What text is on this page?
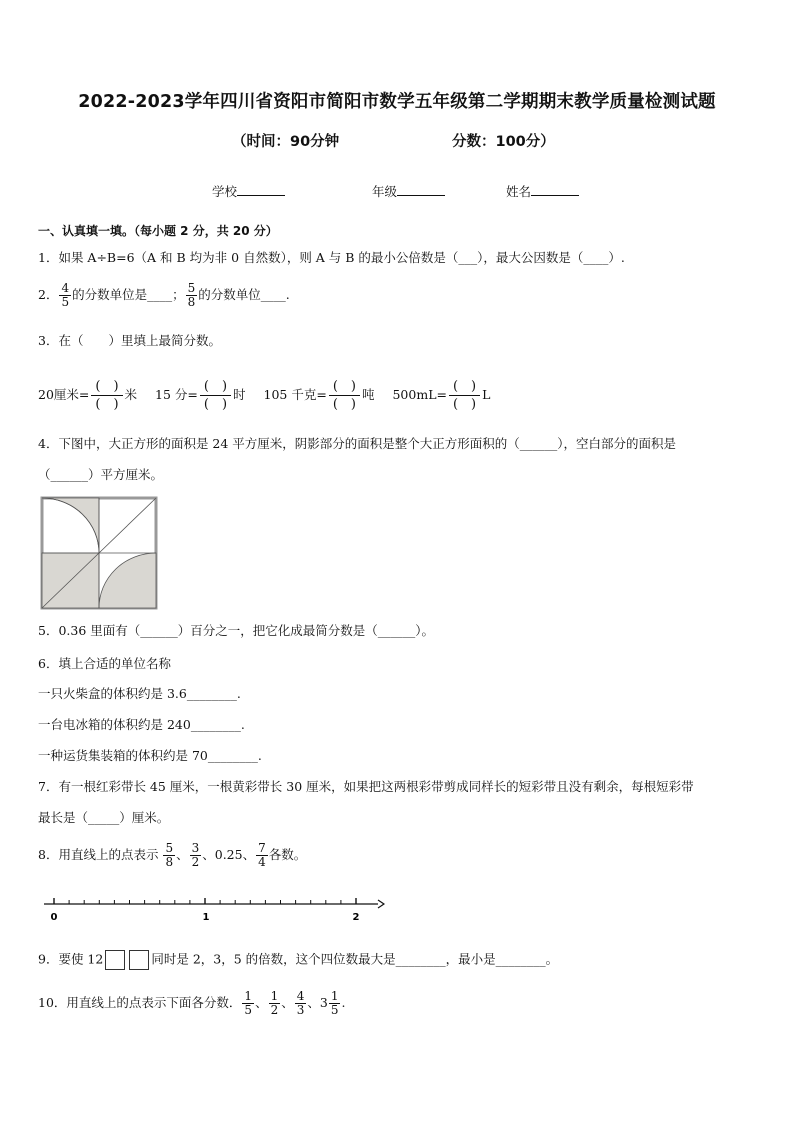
2022-2023学年四川省资阳市简阳市数学五年级第二学期期末教学质量检测试题
（时间：90分钟	分数：100分）
学校	年级	姓名
一、认真填一填。（每小题 2 分，共 20 分）
1．如果 A÷B=6（A 和 B 均为非 0 自然数），则 A 与 B 的最小公倍数是（___），最大公因数是（____）.
2． $\frac{4}{5}$ 的分数单位是____； $\frac{5}{8}$ 的分数单位____.
3．在（　　）里填上最简分数。
20厘米=
(　)
(　)
米 15 分=
(　)
(　)
时 105 千克=
(　)
(　)
吨 500mL=
(　)
(　)
L
4．下图中，大正方形的面积是 24 平方厘米，阴影部分的面积是整个大正方形面积的（______），空白部分的面积是
（______）平方厘米。
5．0.36 里面有（______）百分之一，把它化成最简分数是（______）。
6．填上合适的单位名称
一只火柴盒的体积约是 3.6________.
一台电冰箱的体积约是 240________.
一种运货集装箱的体积约是 70________.
7．有一根红彩带长 45 厘米，一根黄彩带长 30 厘米，如果把这两根彩带剪成同样长的短彩带且没有剩余，每根短彩带
最长是（_____）厘米。
8．用直线上的点表示 $\frac{5}{8}$ 、 $\frac{3}{2}$ 、0.25、 $\frac{7}{4}$ 各数。
0	1	2
9．要使 12	同时是 2，3，5 的倍数，这个四位数最大是________，最小是________。
10．用直线上的点表示下面各分数． $\frac{1}{5}$ 、 $\frac{1}{2}$ 、 $\frac{4}{3}$ 、$3 \frac{1}{5}$ .
